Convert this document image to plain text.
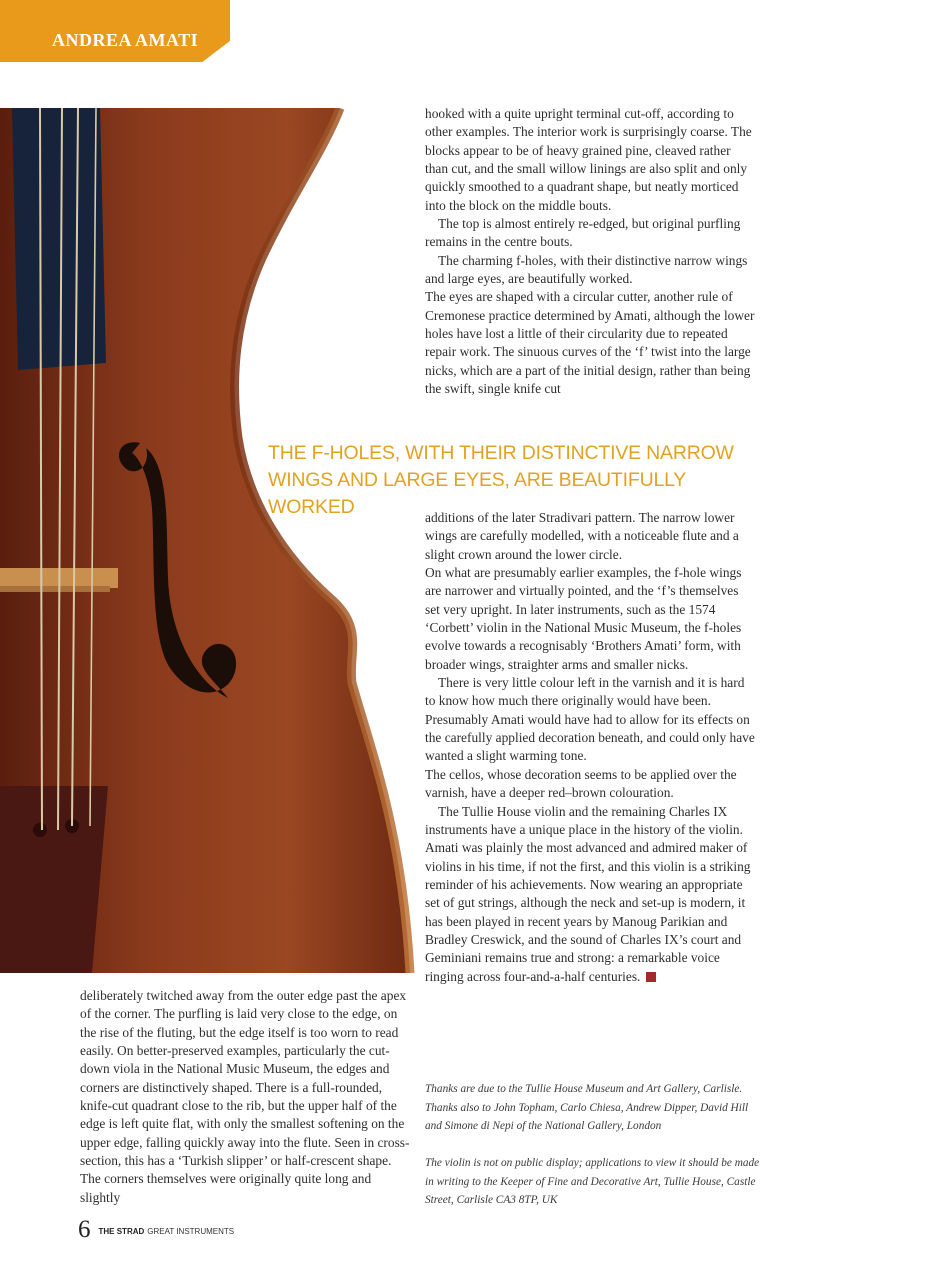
ANDREA AMATI

hooked with a quite upright terminal cut-off, according to other examples. The interior work is surprisingly coarse. The blocks appear to be of heavy grained pine, cleaved rather than cut, and the small willow linings are also split and only quickly smoothed to a quadrant shape, but neatly morticed into the block on the middle bouts.

The top is almost entirely re-edged, but original purfling remains in the centre bouts.

The charming f-holes, with their distinctive narrow wings and large eyes, are beautifully worked.

The eyes are shaped with a circular cutter, another rule of Cremonese practice determined by Amati, although the lower holes have lost a little of their circularity due to repeated repair work. The sinuous curves of the ‘f’ twist into the large nicks, which are a part of the initial design, rather than being the swift, single knife cut

THE F-HOLES, WITH THEIR DISTINCTIVE NARROW
WINGS AND LARGE EYES, ARE BEAUTIFULLY WORKED	additions of the later Stradivari pattern. The narrow lower wings are carefully modelled, with a noticeable flute and a slight crown around the lower circle.

On what are presumably earlier examples, the f-hole wings are narrower and virtually pointed, and the ‘f’s themselves set very upright. In later instruments, such as the 1574 ‘Corbett’ violin in the National Music Museum, the f-holes evolve towards a recognisably ‘Brothers Amati’ form, with broader wings, straighter arms and smaller nicks.

There is very little colour left in the varnish and it is hard to know how much there originally would have been. Presumably Amati would have had to allow for its effects on the carefully applied decoration beneath, and could only have wanted a slight warming tone.

The cellos, whose decoration seems to be applied over the varnish, have a deeper red–brown colouration.

The Tullie House violin and the remaining Charles IX instruments have a unique place in the history of the violin. Amati was plainly the most advanced and admired maker of violins in his time, if not the first, and this violin is a striking reminder of his achievements. Now wearing an appropriate set of gut strings, although the neck and set-up is modern, it has been played in recent years by Manoug Parikian and Bradley Creswick, and the sound of Charles IX’s court and Geminiani remains true and strong: a remarkable voice ringing across four-and-a-half centuries.

deliberately twitched away from the outer edge past the apex of the corner. The purfling is laid very close to the edge, on the rise of the fluting, but the edge itself is too worn to read easily. On better-preserved examples, particularly the cut-down viola in the National Music Museum, the edges and corners are distinctively shaped. There is a full-rounded, knife-cut quadrant close to the rib, but the upper half of the edge is left quite flat, with only the smallest softening on the upper edge, falling quickly away into the flute. Seen in cross-section, this has a ‘Turkish slipper’ or half-crescent shape. The corners themselves were originally quite long and slightly

Thanks are due to the Tullie House Museum and Art Gallery, Carlisle. Thanks also to John Topham, Carlo Chiesa, Andrew Dipper, David Hill and Simone di Nepi of the National Gallery, London

The violin is not on public display; applications to view it should be made in writing to the Keeper of Fine and Decorative Art, Tullie House, Castle Street, Carlisle CA3 8TP, UK

6 THE STRAD GREAT INSTRUMENTS
